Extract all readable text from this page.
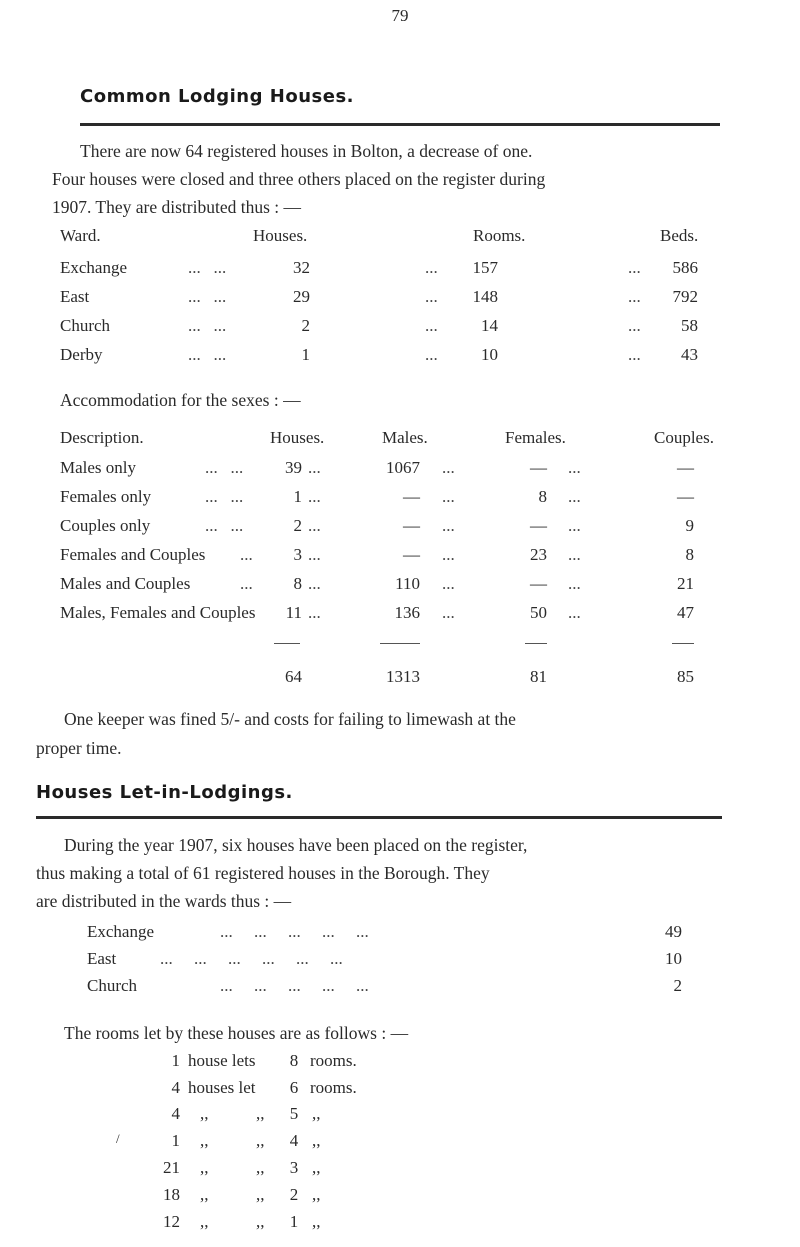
79
Common Lodging Houses.
There are now 64 registered houses in Bolton, a decrease of one.
Four houses were closed and three others placed on the register during
1907. They are distributed thus : —
Ward.	Houses.	Rooms.	Beds.
Exchange	...   ...	32	...	157	...	586
East	...   ...	29	...	148	...	792
Church	...   ...	2	...	14	...	58
Derby	...   ...	1	...	10	...	43
Accommodation for the sexes : —
Description.	Houses.	Males.	Females.	Couples.
Males only	...   ...	39 ...	1067 ...	— ...	—
Females only	...   ...	1 ...	— ...	8 ...	—
Couples only	...   ...	2 ...	— ...	— ...	9
Females and Couples ...	3 ...	— ...	23 ...	8
Males and Couples	...	8 ...	110 ...	— ...	21
Males, Females and Couples	11 ...	136 ...	50 ...	47
64	1313	81	85
One keeper was fined 5/- and costs for failing to limewash at the
proper time.
Houses Let-in-Lodgings.
During the year 1907, six houses have been placed on the register,
thus making a total of 61 registered houses in the Borough. They
are distributed in the wards thus : —
Exchange	...     ...     ...     ...     ...	49
East	...     ...     ...     ...     ...     ...	10
Church	...     ...     ...     ...     ...	2
The rooms let by these houses are as follows : —
1 house lets	8 rooms.
4 houses let	6 rooms.
4 ,,	,,	5 ,,
/	1 ,,	,,	4 ,,
21 ,,	,,	3 ,,
18 ,,	,,	2 ,,
12 ,,	,,	1 ,,
